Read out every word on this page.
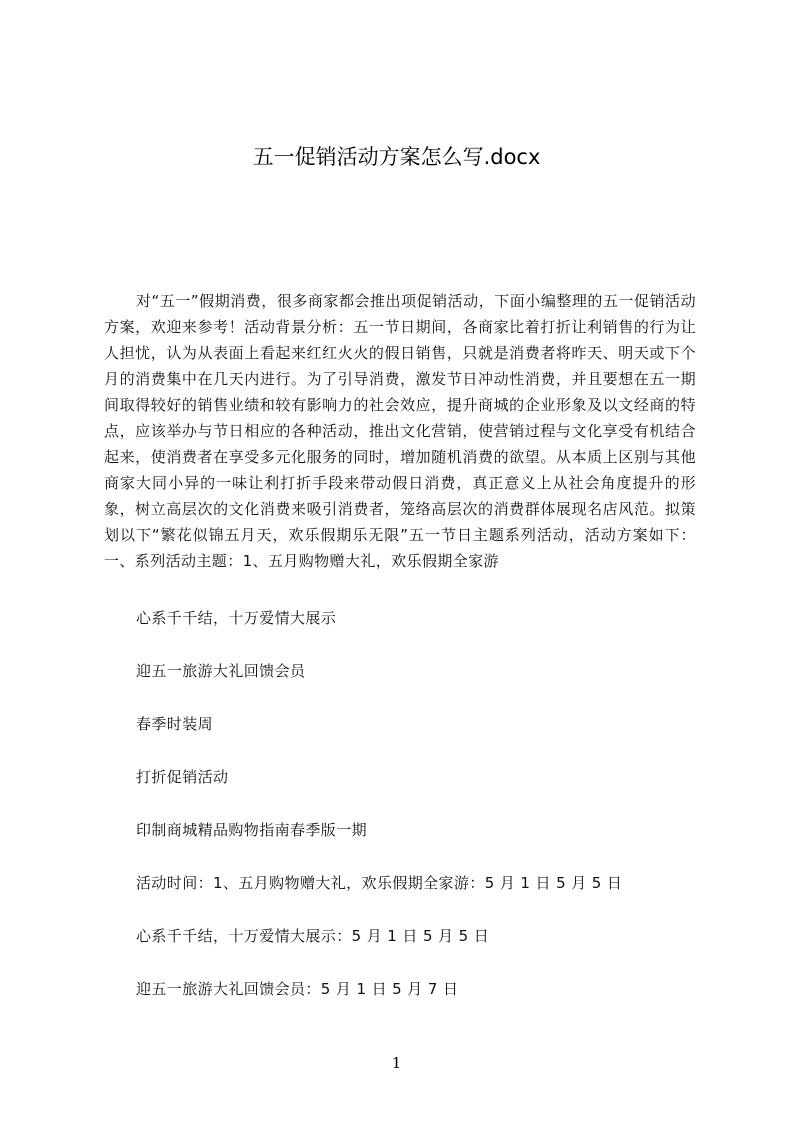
五一促销活动方案怎么写.docx

对“五一”假期消费，很多商家都会推出项促销活动，下面小编整理的五一促销活动方案，欢迎来参考！活动背景分析：五一节日期间，各商家比着打折让利销售的行为让人担忧，认为从表面上看起来红红火火的假日销售，只就是消费者将昨天、明天或下个月的消费集中在几天内进行。为了引导消费，激发节日冲动性消费，并且要想在五一期间取得较好的销售业绩和较有影响力的社会效应，提升商城的企业形象及以文经商的特点，应该举办与节日相应的各种活动，推出文化营销，使营销过程与文化享受有机结合起来，使消费者在享受多元化服务的同时，增加随机消费的欲望。从本质上区别与其他商家大同小异的一味让利打折手段来带动假日消费，真正意义上从社会角度提升的形象，树立高层次的文化消费来吸引消费者，笼络高层次的消费群体展现名店风范。拟策划以下“繁花似锦五月天，欢乐假期乐无限”五一节日主题系列活动，活动方案如下：一、系列活动主题：1、五月购物赠大礼，欢乐假期全家游

心系千千结，十万爱情大展示
迎五一旅游大礼回馈会员
春季时装周
打折促销活动
印制商城精品购物指南春季版一期
活动时间：1、五月购物赠大礼，欢乐假期全家游：5 月 1 日 5 月 5 日
心系千千结，十万爱情大展示：5 月 1 日 5 月 5 日
迎五一旅游大礼回馈会员：5 月 1 日 5 月 7 日
1
